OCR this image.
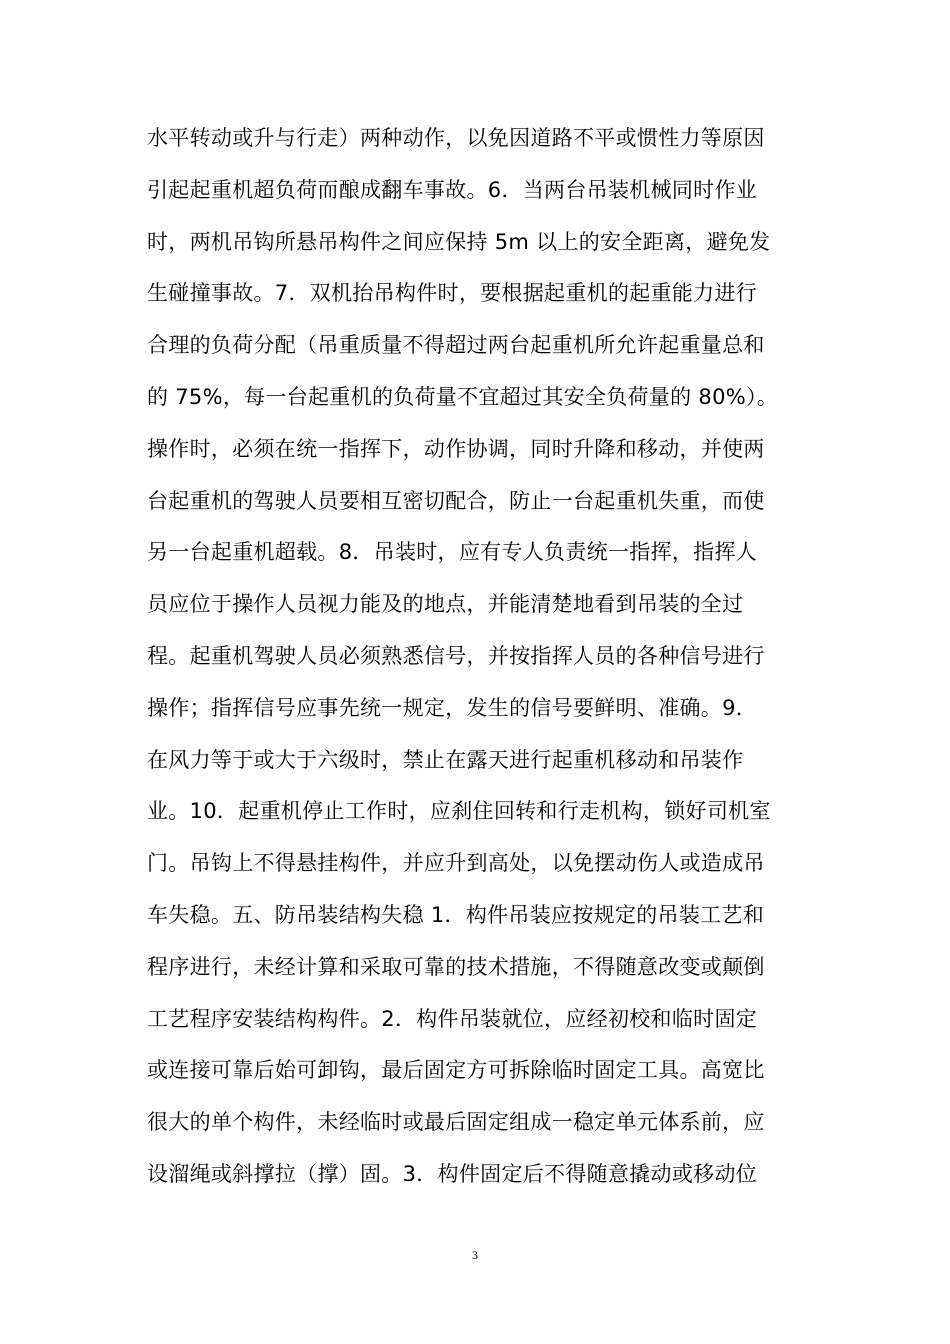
水平转动或升与行走）两种动作，以免因道路不平或惯性力等原因
引起起重机超负荷而酿成翻车事故。6．当两台吊装机械同时作业
时，两机吊钩所悬吊构件之间应保持 5m 以上的安全距离，避免发
生碰撞事故。7．双机抬吊构件时，要根据起重机的起重能力进行
合理的负荷分配（吊重质量不得超过两台起重机所允许起重量总和
的 75%，每一台起重机的负荷量不宜超过其安全负荷量的 80%）。
操作时，必须在统一指挥下，动作协调，同时升降和移动，并使两
台起重机的驾驶人员要相互密切配合，防止一台起重机失重，而使
另一台起重机超载。8．吊装时，应有专人负责统一指挥，指挥人
员应位于操作人员视力能及的地点，并能清楚地看到吊装的全过
程。起重机驾驶人员必须熟悉信号，并按指挥人员的各种信号进行
操作；指挥信号应事先统一规定，发生的信号要鲜明、准确。9．
在风力等于或大于六级时，禁止在露天进行起重机移动和吊装作
业。10．起重机停止工作时，应刹住回转和行走机构，锁好司机室
门。吊钩上不得悬挂构件，并应升到高处，以免摆动伤人或造成吊
车失稳。五、防吊装结构失稳 1．构件吊装应按规定的吊装工艺和
程序进行，未经计算和采取可靠的技术措施，不得随意改变或颠倒
工艺程序安装结构构件。2．构件吊装就位，应经初校和临时固定
或连接可靠后始可卸钩，最后固定方可拆除临时固定工具。高宽比
很大的单个构件，未经临时或最后固定组成一稳定单元体系前，应
设溜绳或斜撑拉（撑）固。3．构件固定后不得随意撬动或移动位
3
